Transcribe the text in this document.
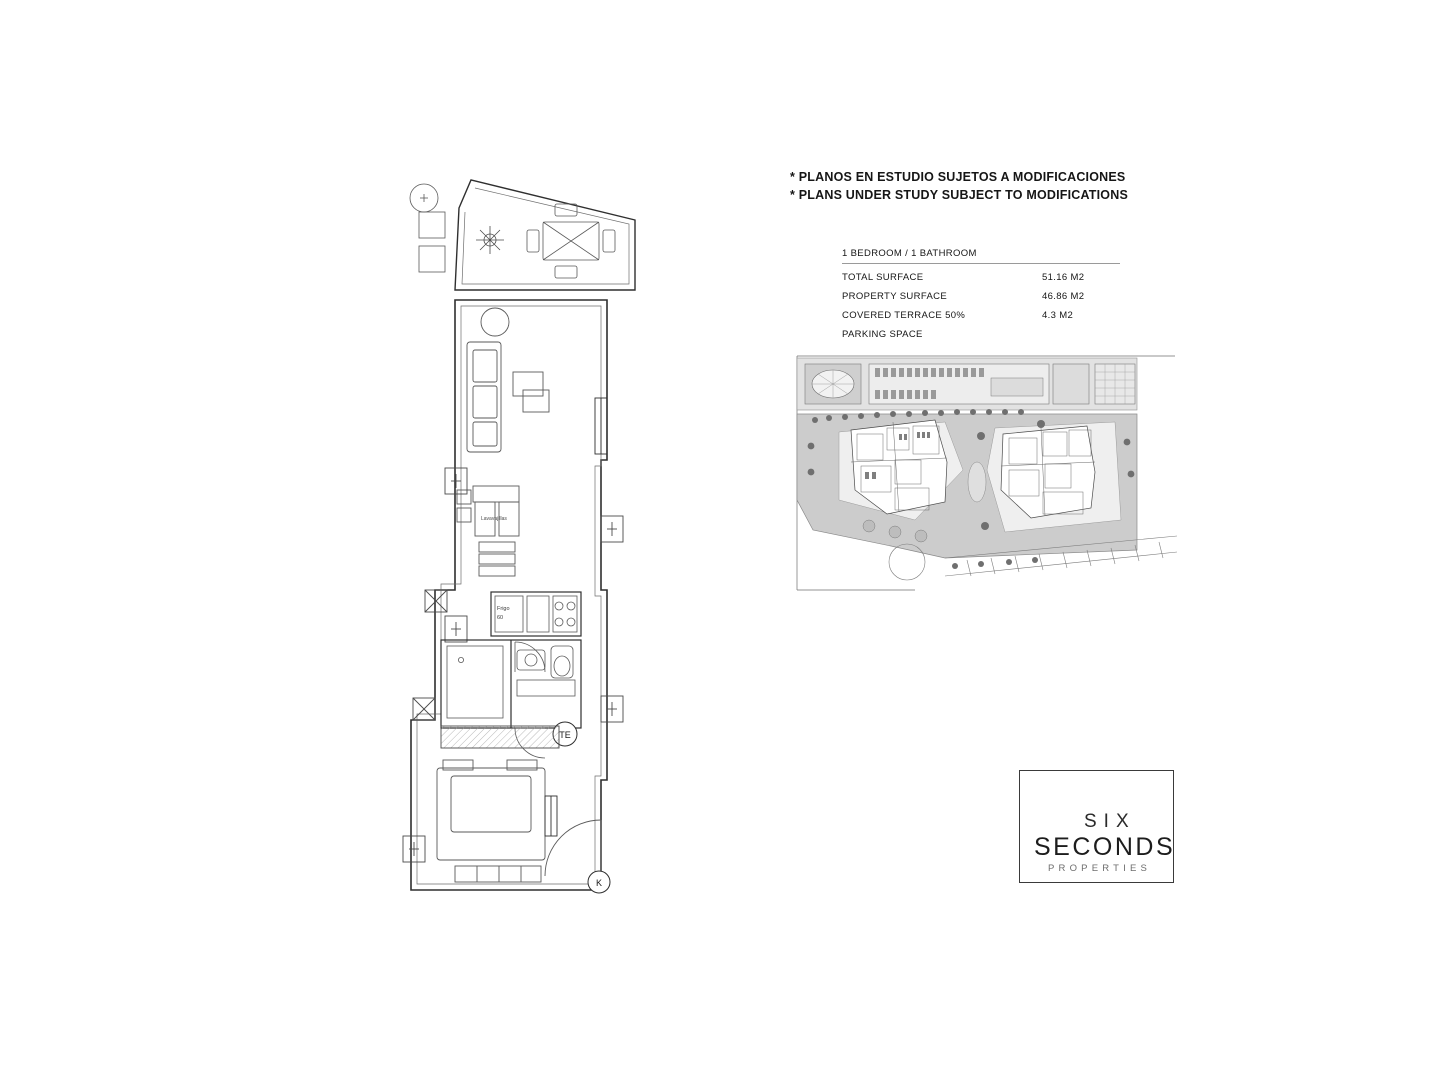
* PLANOS EN ESTUDIO SUJETOS A MODIFICACIONES
* PLANS UNDER STUDY SUBJECT TO MODIFICATIONS
1 BEDROOM / 1 BATHROOM
TOTAL SURFACE	51.16 M2
PROPERTY SURFACE	46.86 M2
COVERED TERRACE 50%	4.3 M2
PARKING SPACE
SIX
SECONDS
PROPERTIES
Lavavajillas
Frigo
60
TE
K
